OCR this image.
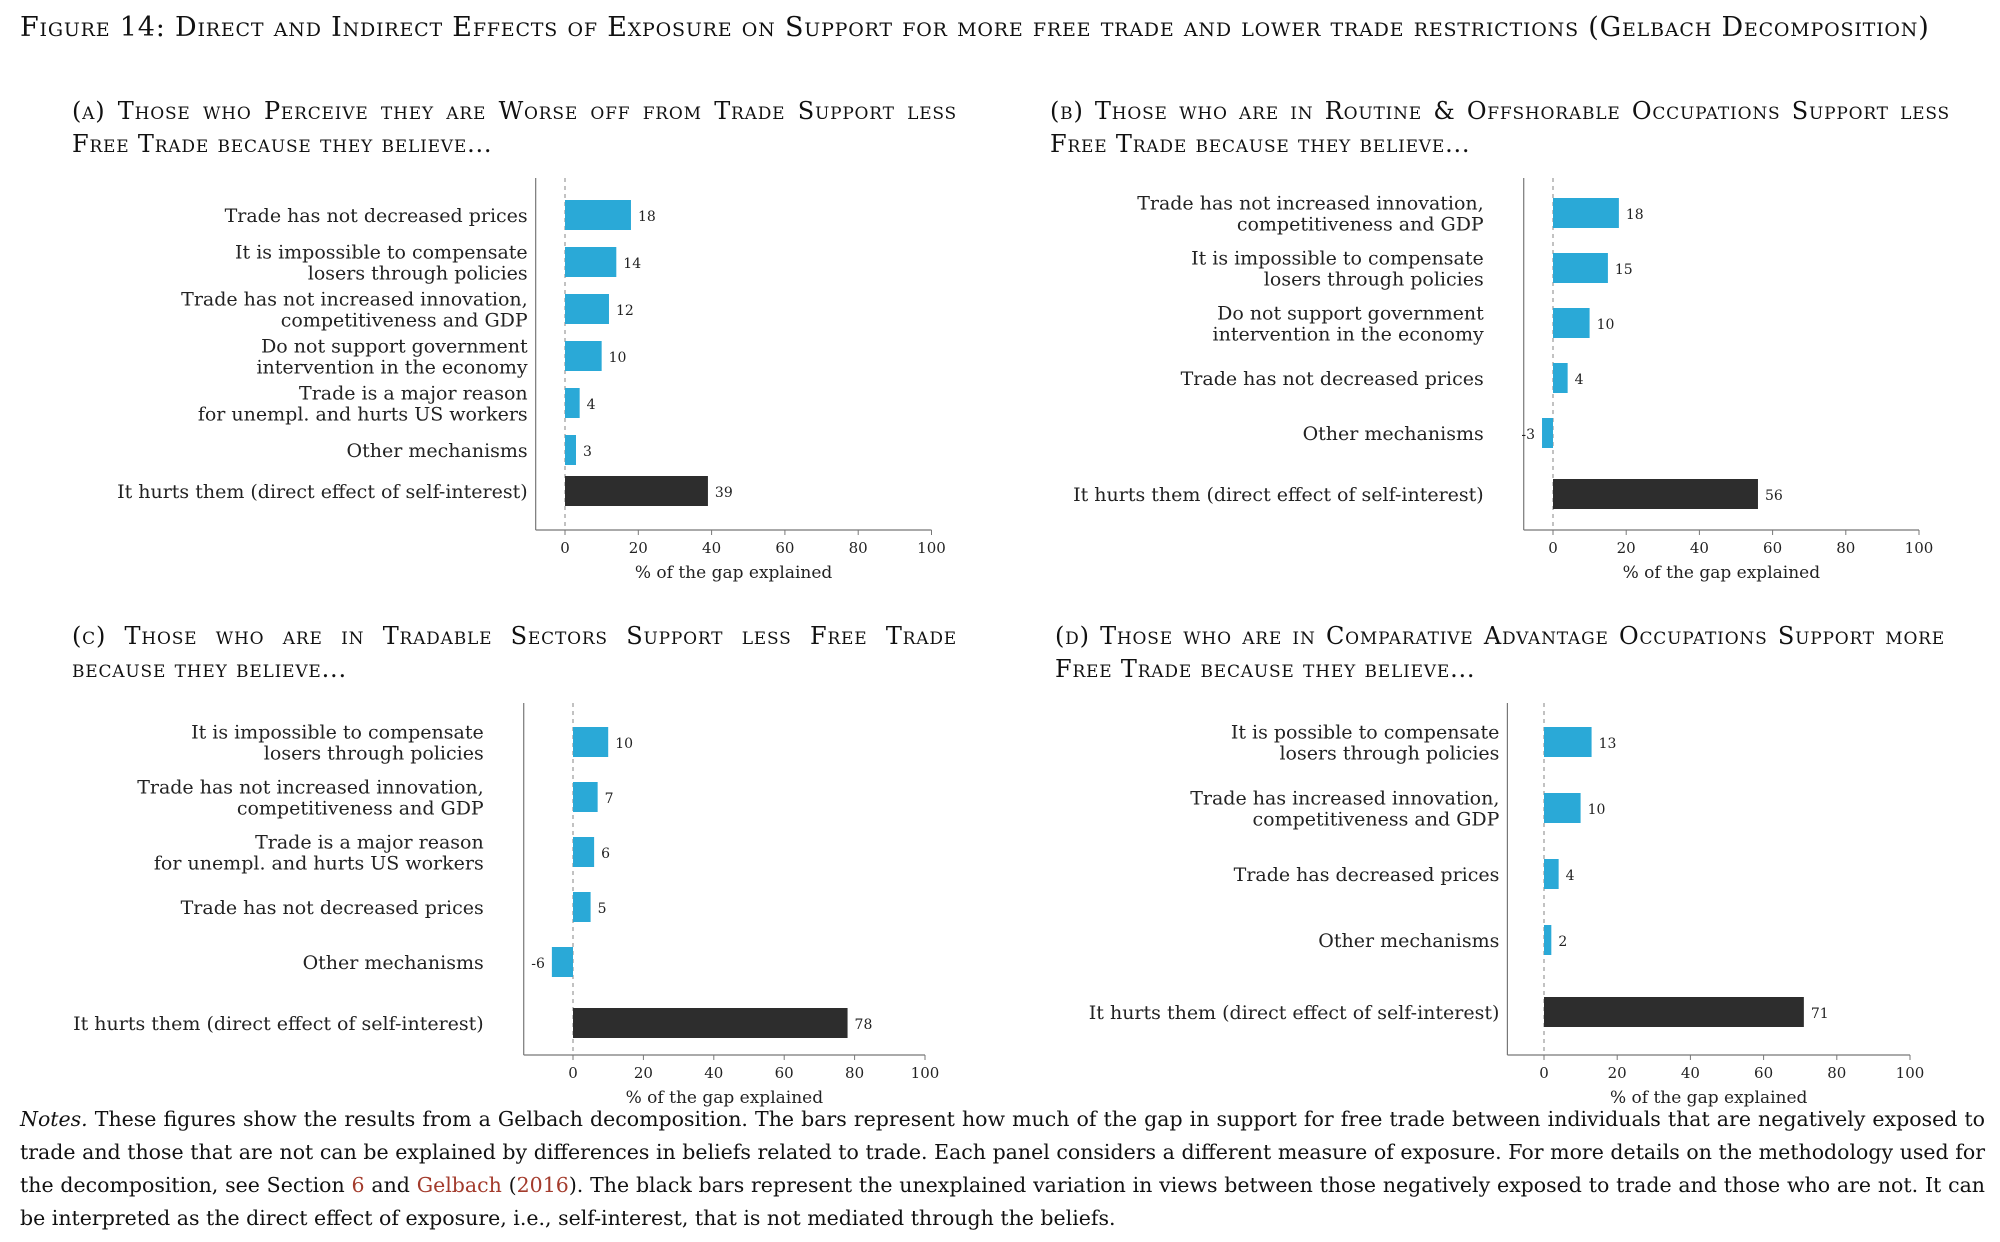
Figure 14: Direct and Indirect Effects of Exposure on Support for more free trade and lower trade restrictions (Gelbach Decomposition)
(a) Those who Perceive they are Worse off from Trade Support less Free Trade because they believe...
(b) Those who are in Routine & Offshorable Occupations Support less Free Trade because they believe...
(c) Those who are in Tradable Sectors Support less Free Trade because they believe...
(d) Those who are in Comparative Advantage Occupations Support more Free Trade because they believe...
0	20	40	60	80	100
% of the gap explained
18
Trade has not decreased prices
14
It is impossible to compensate losers through policies
12
Trade has not increased innovation, competitiveness and GDP
10
Do not support government intervention in the economy
4
Trade is a major reason for unempl. and hurts US workers
3
Other mechanisms
39
It hurts them (direct effect of self-interest)
0	20	40	60	80	100
% of the gap explained
18
Trade has not increased innovation, competitiveness and GDP
15
It is impossible to compensate losers through policies
10
Do not support government intervention in the economy
4
Trade has not decreased prices
-3
Other mechanisms
56
It hurts them (direct effect of self-interest)
0	20	40	60	80	100
% of the gap explained
10
It is impossible to compensate losers through policies
7
Trade has not increased innovation, competitiveness and GDP
6
Trade is a major reason for unempl. and hurts US workers
5
Trade has not decreased prices
-6
Other mechanisms
78
It hurts them (direct effect of self-interest)
0	20	40	60	80	100
% of the gap explained
13
It is possible to compensate losers through policies
10
Trade has increased innovation, competitiveness and GDP
4
Trade has decreased prices
2
Other mechanisms
71
It hurts them (direct effect of self-interest)

Notes. These figures show the results from a Gelbach decomposition. The bars represent how much of the gap in support for free trade between individuals that are negatively exposed to trade and those that are not can be explained by differences in beliefs related to trade. Each panel considers a different measure of exposure. For more details on the methodology used for the decomposition, see Section 6 and Gelbach (2016). The black bars represent the unexplained variation in views between those negatively exposed to trade and those who are not. It can be interpreted as the direct effect of exposure, i.e., self-interest, that is not mediated through the beliefs.
